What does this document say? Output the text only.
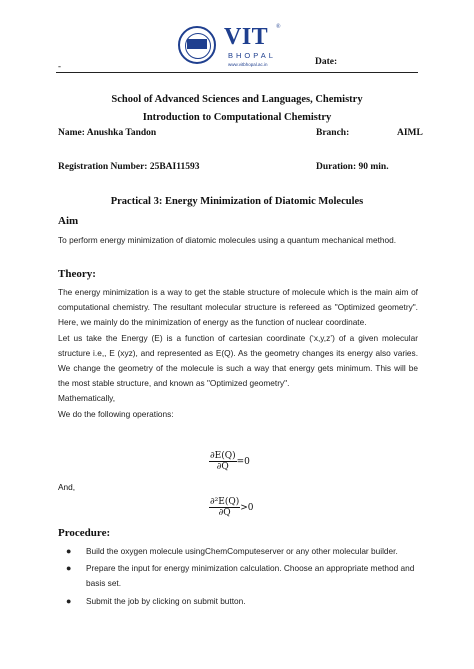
VIT ®
BHOPAL
www.vitbhopal.ac.in
-	Date:
School of Advanced Sciences and Languages, Chemistry
Introduction to Computational Chemistry
Name: Anushka Tandon	Branch:	AIML
Registration Number: 25BAI11593	Duration: 90 min.
Practical 3: Energy Minimization of Diatomic Molecules
Aim
To perform energy minimization of diatomic molecules using a quantum mechanical method.
Theory:
The energy minimization is a way to get the stable structure of molecule which is the main aim of computational chemistry. The resultant molecular structure is refereed as "Optimized geometry". Here, we mainly do the minimization of energy as the function of nuclear coordinate.
Let us take the Energy (E) is a function of cartesian coordinate (‘x,y,z’) of a given molecular structure i.e,, E (xyz), and represented as E(Q). As the geometry changes its energy also varies. We change the geometry of the molecule is such a way that energy gets minimum. This will be the most stable structure, and known as "Optimized geometry".
Mathematically,
We do the following operations:
$\frac{\partial E(Q)}{\partial Q} =0$
And,
$\frac{\text{∂²E(Q)}}{\partial Q} >0$
Procedure:
● Build the oxygen molecule usingChemComputeserver or any other molecular builder.
● Prepare the input for energy minimization calculation. Choose an appropriate method and basis set.
● Submit the job by clicking on submit button.
